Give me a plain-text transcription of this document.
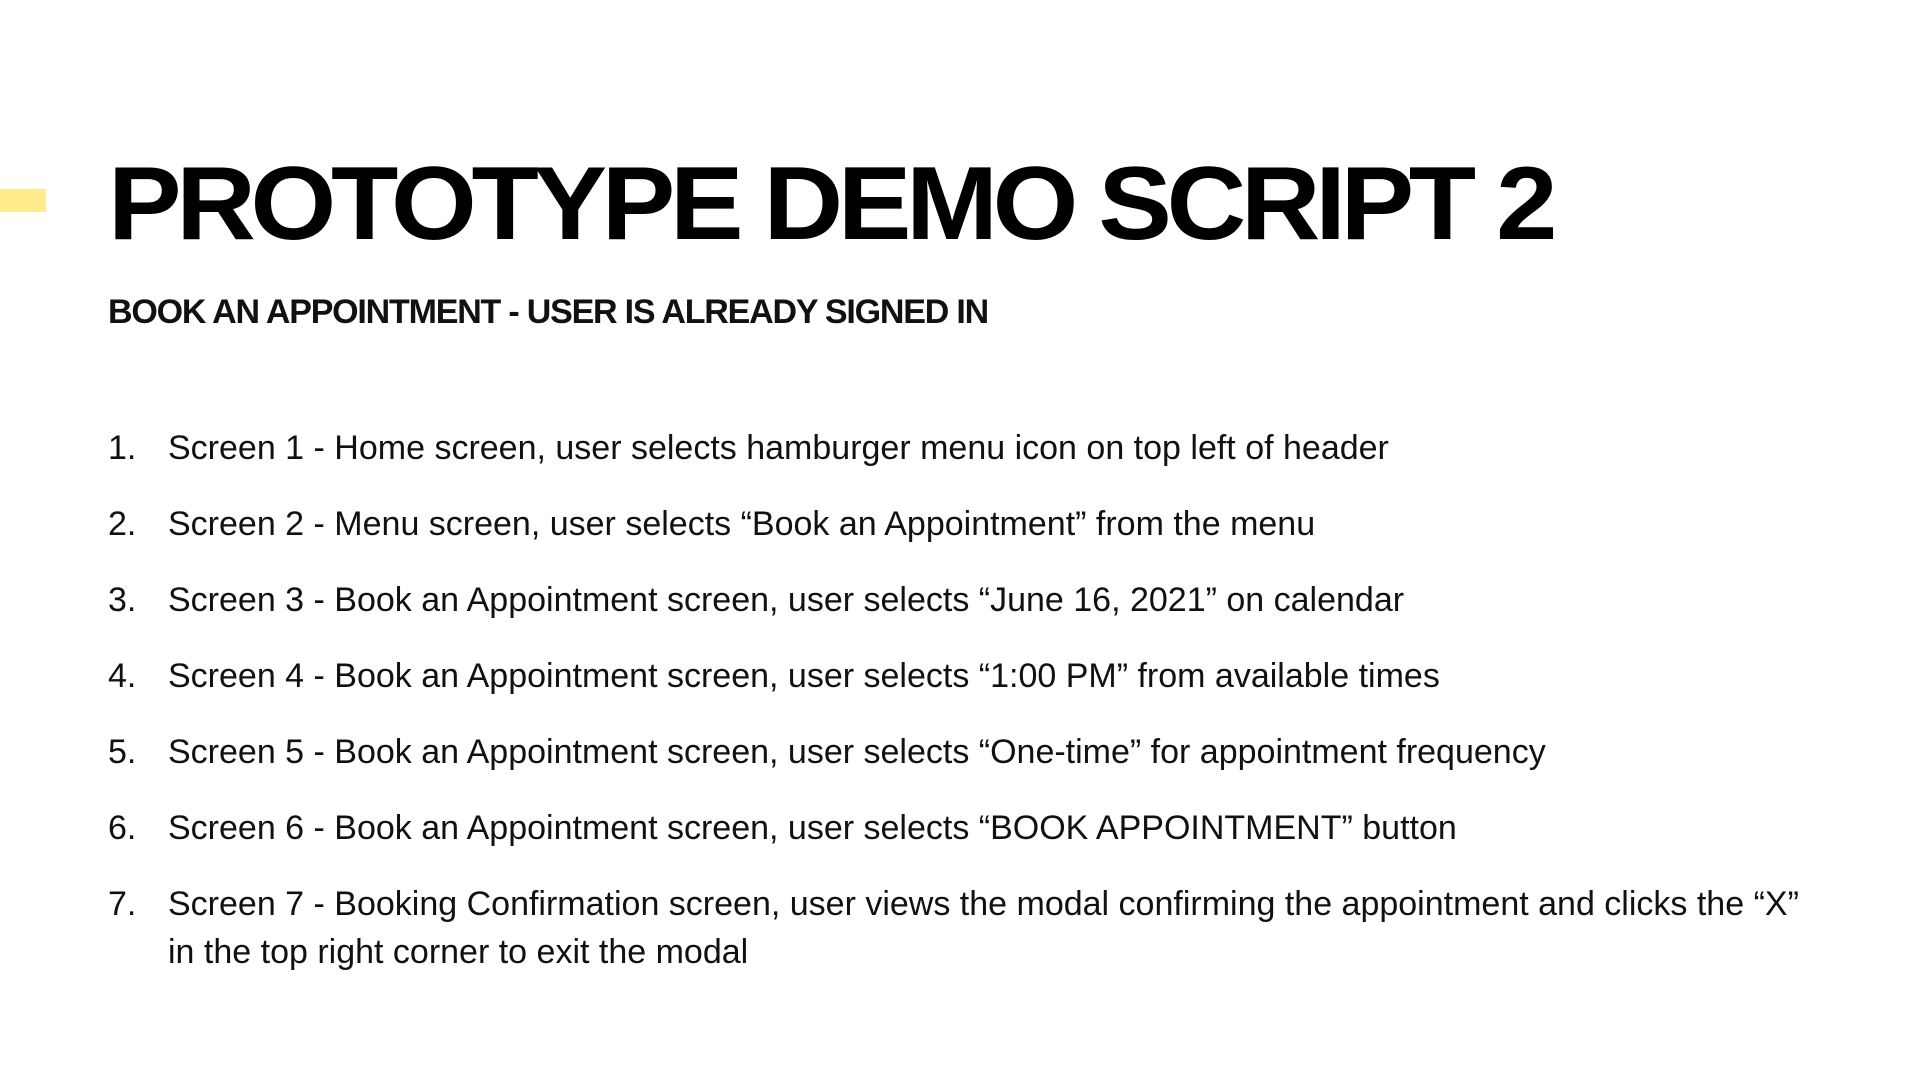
PROTOTYPE DEMO SCRIPT 2
BOOK AN APPOINTMENT - USER IS ALREADY SIGNED IN
1. Screen 1 - Home screen, user selects hamburger menu icon on top left of header
2. Screen 2 - Menu screen, user selects “Book an Appointment” from the menu
3. Screen 3 - Book an Appointment screen, user selects “June 16, 2021” on calendar
4. Screen 4 - Book an Appointment screen, user selects “1:00 PM” from available times
5. Screen 5 - Book an Appointment screen, user selects “One-time” for appointment frequency
6. Screen 6 - Book an Appointment screen, user selects “BOOK APPOINTMENT” button
7. Screen 7 - Booking Confirmation screen, user views the modal confirming the appointment and clicks the “X” in the top right corner to exit the modal
